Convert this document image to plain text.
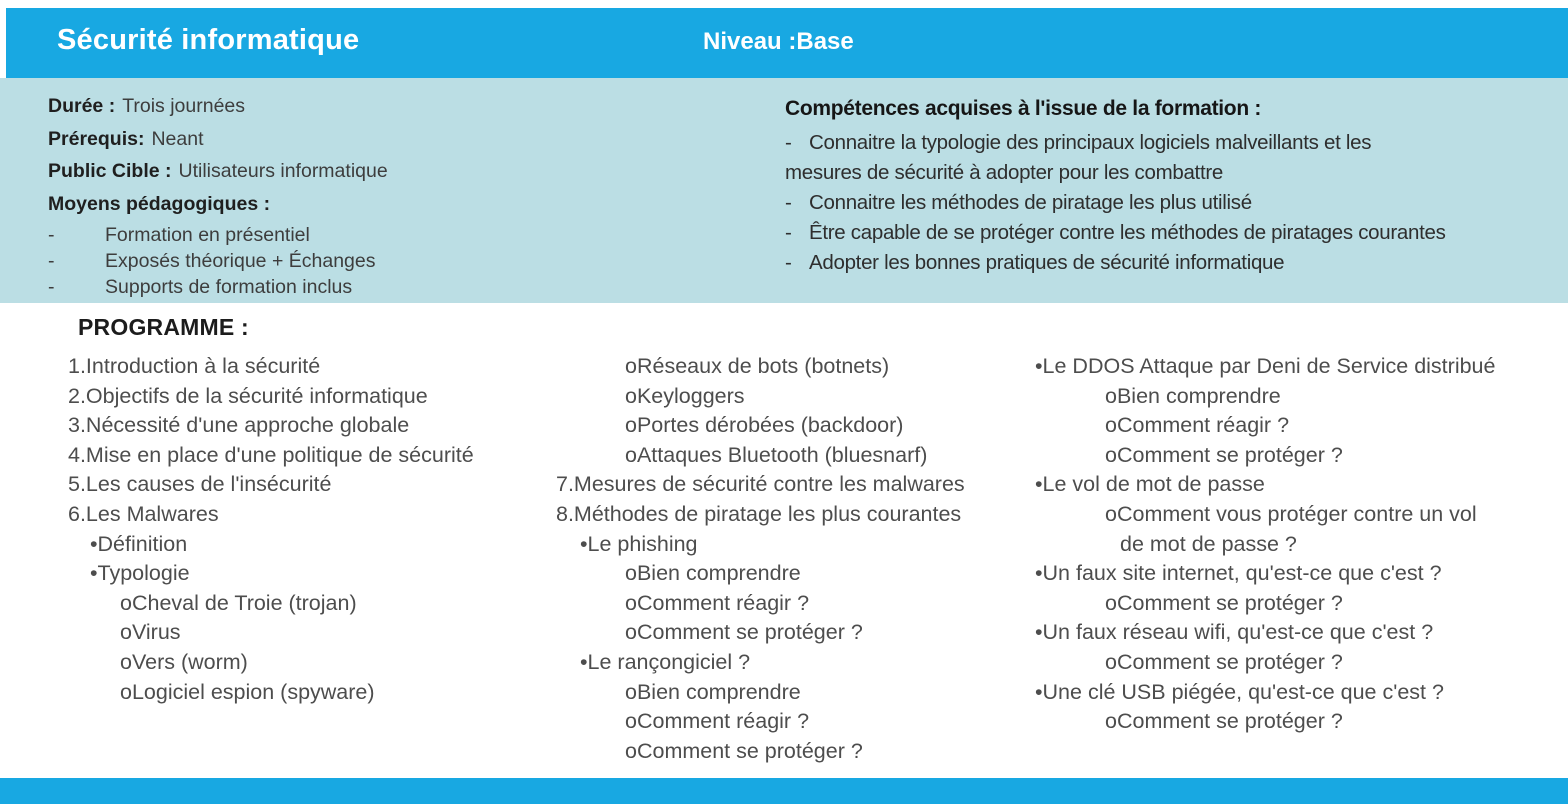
Sécurité informatique	Niveau :Base
Durée : Trois journées
Prérequis: Neant
Public Cible : Utilisateurs informatique
Moyens pédagogiques :
-	Formation en présentiel
-	Exposés théorique + Échanges
-	Supports de formation inclus
Compétences acquises à l'issue de la formation :
- Connaitre la typologie des principaux logiciels malveillants et les
mesures de sécurité à adopter pour les combattre
- Connaitre les méthodes de piratage les plus utilisé
- Être capable de se protéger contre les méthodes de piratages courantes
- Adopter les bonnes pratiques de sécurité informatique
PROGRAMME :
1.Introduction à la sécurité
2.Objectifs de la sécurité informatique
3.Nécessité d'une approche globale
4.Mise en place d'une politique de sécurité
5.Les causes de l'insécurité
6.Les Malwares
•Définition
•Typologie
oCheval de Troie (trojan)
oVirus
oVers (worm)
oLogiciel espion (spyware)
oRéseaux de bots (botnets)
oKeyloggers
oPortes dérobées (backdoor)
oAttaques Bluetooth (bluesnarf)
7.Mesures de sécurité contre les malwares
8.Méthodes de piratage les plus courantes
•Le phishing
oBien comprendre
oComment réagir ?
oComment se protéger ?
•Le rançongiciel ?
oBien comprendre
oComment réagir ?
oComment se protéger ?
•Le DDOS Attaque par Deni de Service distribué
oBien comprendre
oComment réagir ?
oComment se protéger ?
•Le vol de mot de passe
oComment vous protéger contre un vol
de mot de passe ?
•Un faux site internet, qu'est-ce que c'est ?
oComment se protéger ?
•Un faux réseau wifi, qu'est-ce que c'est ?
oComment se protéger ?
•Une clé USB piégée, qu'est-ce que c'est ?
oComment se protéger ?
